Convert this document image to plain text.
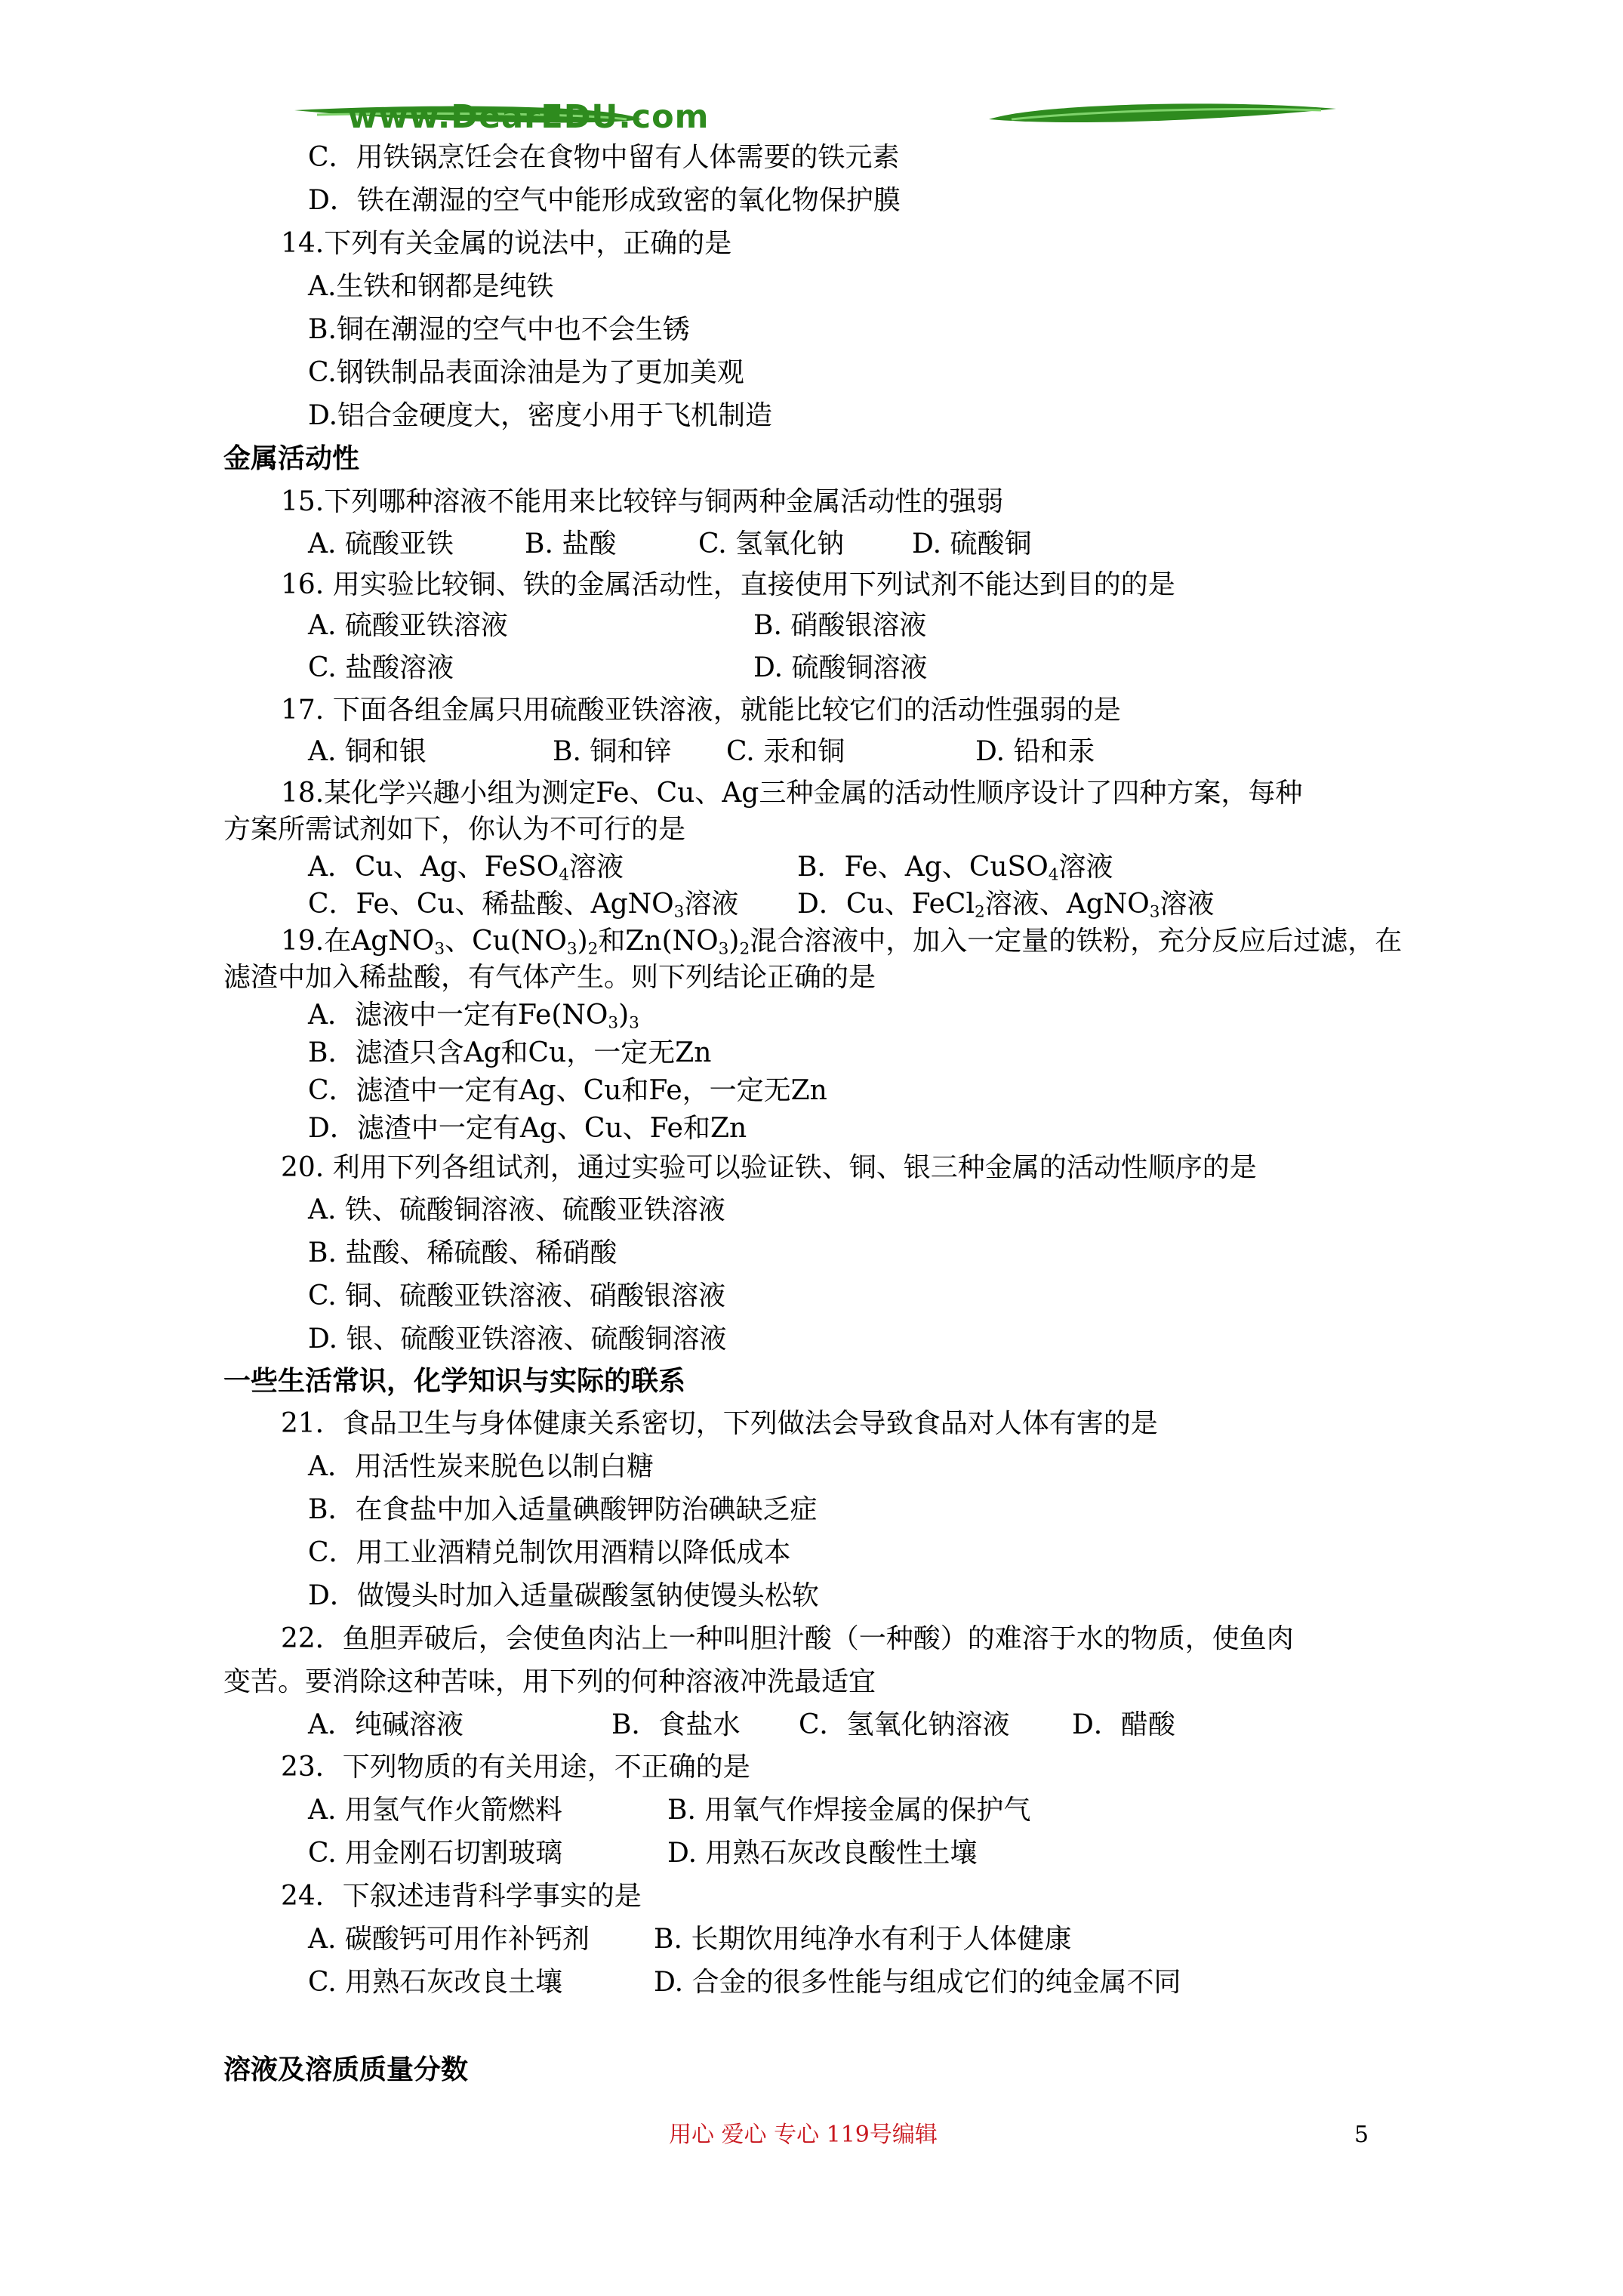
www.DearEDU.com
C．用铁锅烹饪会在食物中留有人体需要的铁元素
D．铁在潮湿的空气中能形成致密的氧化物保护膜
14.下列有关金属的说法中，正确的是
A.生铁和钢都是纯铁
B.铜在潮湿的空气中也不会生锈
C.钢铁制品表面涂油是为了更加美观
D.铝合金硬度大，密度小用于飞机制造
金属活动性
15.下列哪种溶液不能用来比较锌与铜两种金属活动性的强弱
A. 硫酸亚铁	B. 盐酸	C. 氢氧化钠 D. 硫酸铜
16. 用实验比较铜、铁的金属活动性，直接使用下列试剂不能达到目的的是
A. 硫酸亚铁溶液	B. 硝酸银溶液
C. 盐酸溶液	D. 硫酸铜溶液
17. 下面各组金属只用硫酸亚铁溶液，就能比较它们的活动性强弱的是
A. 铜和银	B. 铜和锌 C. 汞和铜	D. 铅和汞
18.某化学兴趣小组为测定Fe、Cu、Ag三种金属的活动性顺序设计了四种方案，每种
方案所需试剂如下，你认为不可行的是
A．Cu、Ag、FeSO$_4$溶液	B．Fe、Ag、CuSO$_4$溶液
C．Fe、Cu、稀盐酸、AgNO$_3$溶液 D．Cu、FeCl$_2$溶液、AgNO$_3$溶液
19.在AgNO$_3$、$Cu(NO_3)_2$和$Zn(NO_3)_2$混合溶液中，加入一定量的铁粉，充分反应后过滤，在
滤渣中加入稀盐酸，有气体产生。则下列结论正确的是
A．滤液中一定有$Fe(NO_3)_3$
B．滤渣只含Ag和Cu，一定无Zn
C．滤渣中一定有Ag、Cu和Fe，一定无Zn
D．滤渣中一定有Ag、Cu、Fe和Zn
20. 利用下列各组试剂，通过实验可以验证铁、铜、银三种金属的活动性顺序的是
A. 铁、硫酸铜溶液、硫酸亚铁溶液
B. 盐酸、稀硫酸、稀硝酸
C. 铜、硫酸亚铁溶液、硝酸银溶液
D. 银、硫酸亚铁溶液、硫酸铜溶液
一些生活常识，化学知识与实际的联系
21．食品卫生与身体健康关系密切，下列做法会导致食品对人体有害的是
A．用活性炭来脱色以制白糖
B．在食盐中加入适量碘酸钾防治碘缺乏症
C．用工业酒精兑制饮用酒精以降低成本
D．做馒头时加入适量碳酸氢钠使馒头松软
22．鱼胆弄破后，会使鱼肉沾上一种叫胆汁酸（一种酸）的难溶于水的物质，使鱼肉
变苦。要消除这种苦味，用下列的何种溶液冲洗最适宜
A．纯碱溶液	B．食盐水 C．氢氧化钠溶液 D．醋酸
23．下列物质的有关用途，不正确的是
A. 用氢气作火箭燃料	B. 用氧气作焊接金属的保护气
C. 用金刚石切割玻璃	D. 用熟石灰改良酸性土壤
24．下叙述违背科学事实的是
A. 碳酸钙可用作补钙剂 B. 长期饮用纯净水有利于人体健康
C. 用熟石灰改良土壤	D. 合金的很多性能与组成它们的纯金属不同
溶液及溶质质量分数
用心 爱心 专心 119号编辑	5
